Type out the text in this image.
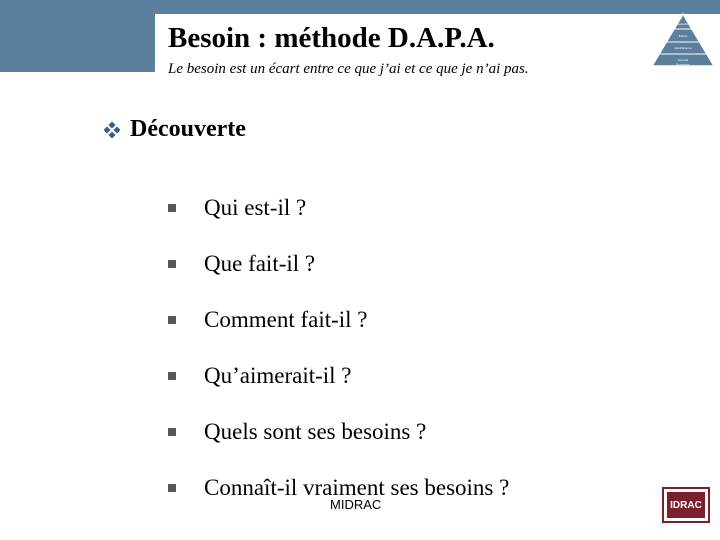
Besoin : méthode D.A.P.A.
Le besoin est un écart entre ce que j’ai et ce que je n’ai pas.
Réalisation
Estime
Appartenance
Sécurité
Physiologique
Découverte
Qui est-il ?
Que fait-il ?
Comment fait-il ?
Qu’aimerait-il ?
Quels sont ses besoins ?
Connaît-il vraiment ses besoins ?
MIDRAC	IDRAC
